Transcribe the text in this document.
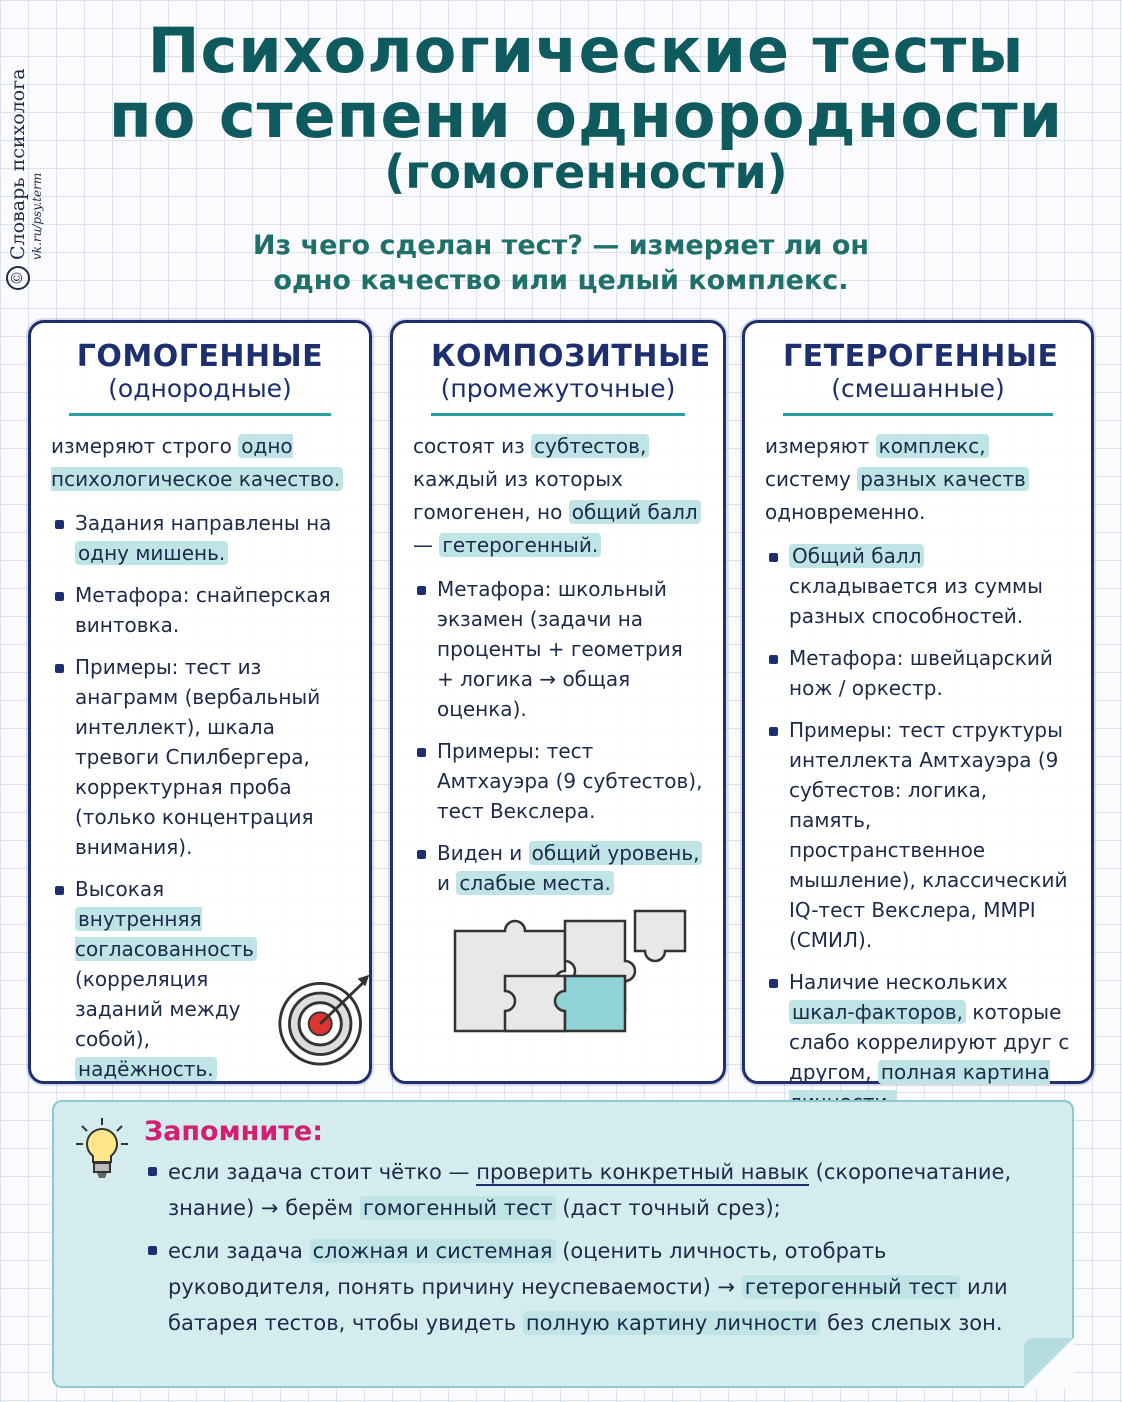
©
Словарь психолога vk.ru/psy.term
Психологические тесты
по степени однородности
(гомогенности)
Из чего сделан тест? — измеряет ли он
одно качество или целый комплекс.
ГОМОГЕННЫЕ
(однородные)
измеряют строго одно психологическое качество.
Задания направлены на одну мишень.
Метафора: снайперская винтовка.
Примеры: тест из анаграмм (вербальный интеллект), шкала тревоги Спилбергера, корректурная проба (только концентрация внимания).
Высокая внутренняя согласованность (корреляция заданий между собой), надёжность.
КОМПОЗИТНЫЕ
(промежуточные)
состоят из субтестов, каждый из которых гомогенен, но общий балл — гетерогенный.
Метафора: школьный экзамен (задачи на проценты + геометрия + логика → общая оценка).
Примеры: тест Амтхауэра (9 субтестов), тест Векслера.
Виден и общий уровень, и слабые места.
ГЕТЕРОГЕННЫЕ
(смешанные)
измеряют комплекс, систему разных качеств одновременно.
Общий балл складывается из суммы разных способностей.
Метафора: швейцарский нож / оркестр.
Примеры: тест структуры интеллекта Амтхауэра (9 субтестов: логика, память, пространственное мышление), классический IQ-тест Векслера, MMPI (СМИЛ).
Наличие нескольких шкал-факторов, которые слабо коррелируют друг с другом, полная картина
Запомните:
если задача стоит чётко — проверить конкретный навык (скоропечатание, знание) → берём гомогенный тест (даст точный срез);
если задача сложная и системная (оценить личность, отобрать руководителя, понять причину неуспеваемости) → гетерогенный тест или батарея тестов, чтобы увидеть полную картину личности без слепых зон.
